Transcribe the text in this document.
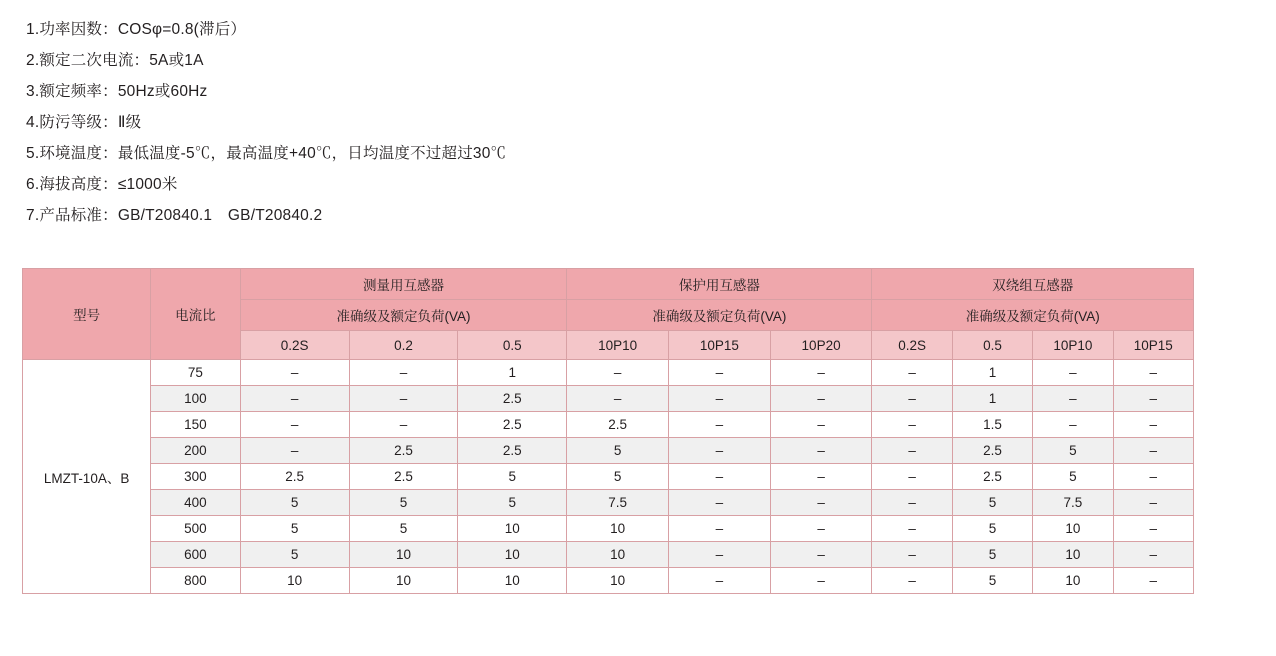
1.功率因数：COSφ=0.8(滞后）
2.额定二次电流：5A或1A
3.额定频率：50Hz或60Hz
4.防污等级：Ⅱ级
5.环境温度：最低温度-5℃，最高温度+40℃，日均温度不过超过30℃
6.海拔高度：≤1000米
7.产品标准：GB/T20840.1　GB/T20840.2
型号	电流比	测量用互感器			保护用互感器			双绕组互感器			
		准确级及额定负荷(VA)			准确级及额定负荷(VA)			准确级及额定负荷(VA)			
		0.2S	0.2	0.5	10P10	10P15	10P20	0.2S	0.5	10P10	10P15
LMZT-10A、B	75	–	–	1	–	–	–	–	1	–	–
	100	–	–	2.5	–	–	–	–	1	–	–
	150	–	–	2.5	2.5	–	–	–	1.5	–	–
	200	–	2.5	2.5	5	–	–	–	2.5	5	–
	300	2.5	2.5	5	5	–	–	–	2.5	5	–
	400	5	5	5	7.5	–	–	–	5	7.5	–
	500	5	5	10	10	–	–	–	5	10	–
	600	5	10	10	10	–	–	–	5	10	–
	800	10	10	10	10	–	–	–	5	10	–
